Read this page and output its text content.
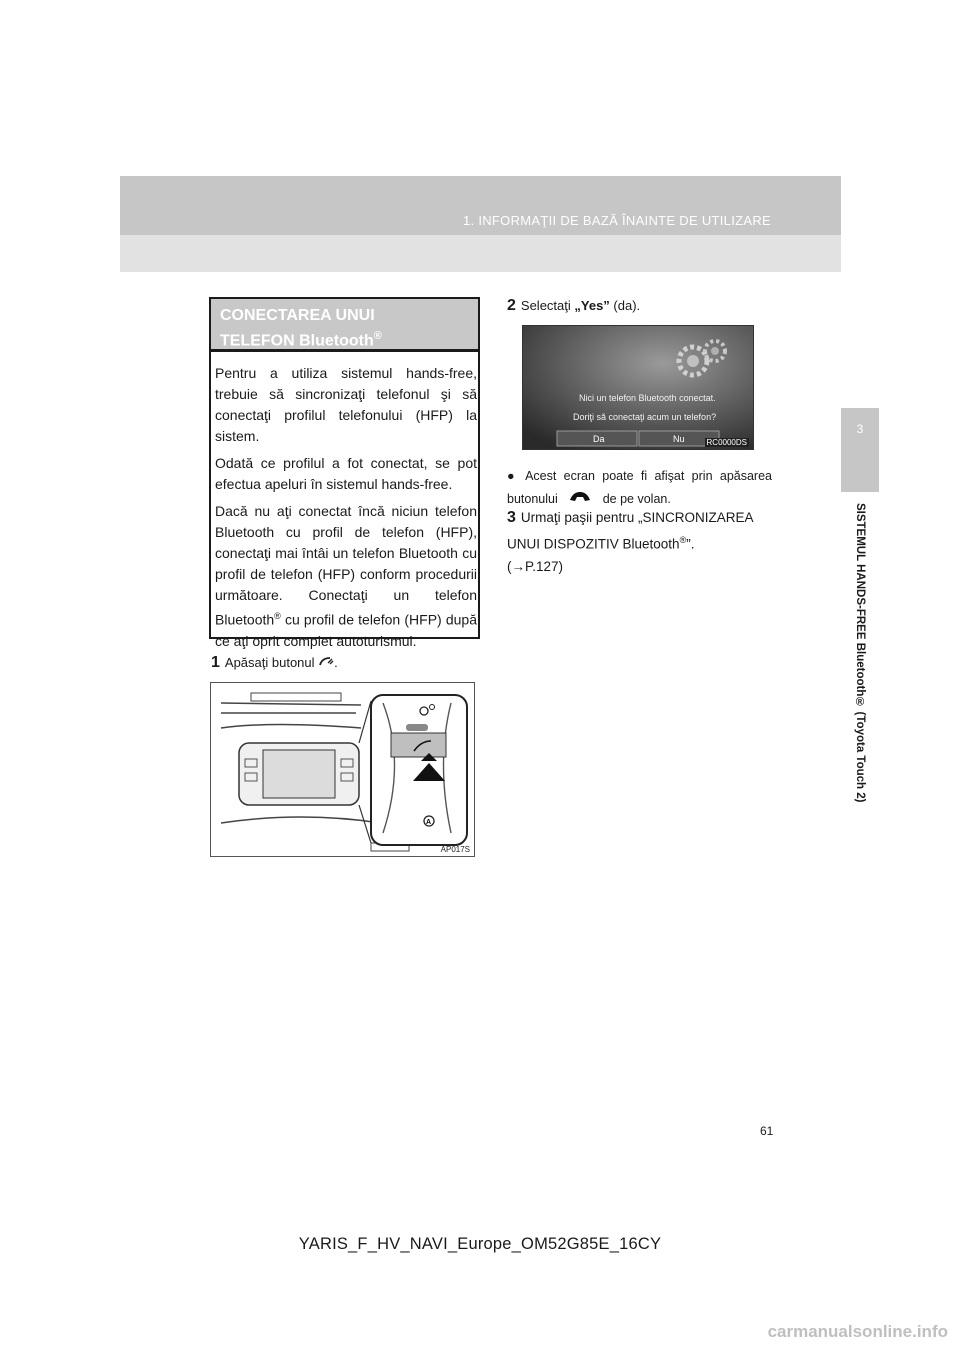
1. INFORMAŢII DE BAZĂ ÎNAINTE DE UTILIZARE
3
SISTEMUL HANDS-FREE Bluetooth® (Toyota Touch 2)
CONECTAREA UNUI
TELEFON Bluetooth®

Pentru a utiliza sistemul hands-free, trebuie să sincronizaţi telefonul şi să conectaţi profilul telefonului (HFP) la sistem.

Odată ce profilul a fot conectat, se pot efectua apeluri în sistemul hands-free.

Dacă nu aţi conectat încă niciun telefon Bluetooth cu profil de telefon (HFP), conectaţi mai întâi un telefon Bluetooth cu profil de telefon (HFP) conform procedurii următoare. Conectaţi un telefon Bluetooth® cu profil de telefon (HFP) după ce aţi oprit complet autoturismul.

1 Apăsaţi butonul .
A
AP017S
2 Selectaţi „Yes” (da).
Nici un telefon Bluetooth conectat.
Doriţi să conectaţi acum un telefon?
Da	Nu	RC0000DS
● Acest ecran poate fi afişat prin apăsarea butonului	de pe volan.
3 Urmaţi paşii pentru „SINCRONIZAREA UNUI DISPOZITIV Bluetooth®”.
(→P.127)
61
YARIS_F_HV_NAVI_Europe_OM52G85E_16CY
carmanualsonline.info
